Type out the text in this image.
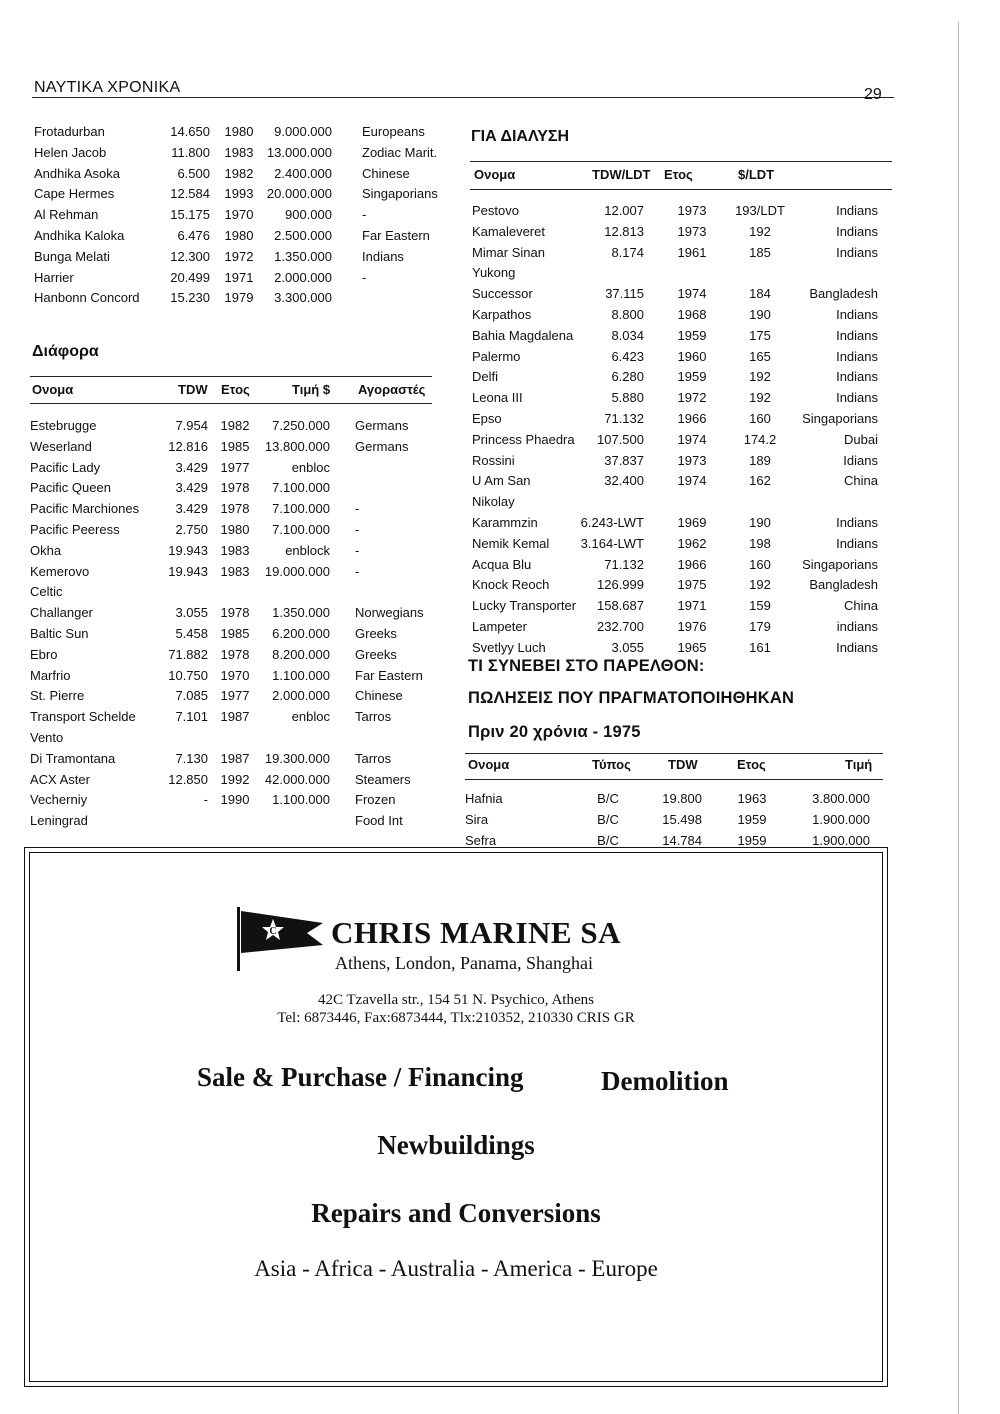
ΝΑΥΤΙΚΑ ΧΡΟΝΙΚΑ	29
Frotadurban	14.650 1980	9.000.000 Europeans
Helen Jacob	11.800 1983	13.000.000 Zodiac Marit.
Andhika Asoka	6.500 1982	2.400.000 Chinese
Cape Hermes	12.584 1993	20.000.000 Singaporians
Al Rehman	15.175 1970	900.000 -
Andhika Kaloka	6.476 1980	2.500.000 Far Eastern
Bunga Melati	12.300 1972	1.350.000 Indians
Harrier	20.499 1971	2.000.000 -
Hanbonn Concord	15.230 1979	3.300.000
Διάφορα
Ονομα	TDW Ετος	Τιμή $ Αγοραστές
Estebrugge	7.954 1982	7.250.000 Germans
Weserland	12.816 1985	13.800.000 Germans
Pacific Lady	3.429 1977	enbloc
Pacific Queen	3.429 1978	7.100.000
Pacific Marchiones	3.429 1978	7.100.000 -
Pacific Peeress	2.750 1980	7.100.000 -
Okha	19.943 1983	enblock -
Kemerovo	19.943 1983	19.000.000 -
Celtic
Challanger	3.055 1978	1.350.000 Norwegians
Baltic Sun	5.458 1985	6.200.000 Greeks
Ebro	71.882 1978	8.200.000 Greeks
Marfrio	10.750 1970	1.100.000 Far Eastern
St. Pierre	7.085 1977	2.000.000 Chinese
Transport Schelde	7.101 1987	enbloc Tarros
Vento
Di Tramontana	7.130 1987	19.300.000 Tarros
ACX Aster	12.850 1992	42.000.000 Steamers
Vecherniy	- 1990	1.100.000 Frozen
Leningrad	Food Int
ΓΙΑ ΔΙΑΛΥΣΗ
Ονομα	TDW/LDT Ετος	$/LDT
Pestovo	12.007	1973	193/LDT	Indians
Kamaleveret	12.813	1973	192	Indians
Mimar Sinan	8.174	1961	185	Indians
Yukong
Successor	37.115	1974	184	Bangladesh
Karpathos	8.800	1968	190	Indians
Bahia Magdalena	8.034	1959	175	Indians
Palermo	6.423	1960	165	Indians
Delfi	6.280	1959	192	Indians
Leona III	5.880	1972	192	Indians
Epso	71.132	1966	160	Singaporians
Princess Phaedra	107.500	1974	174.2	Dubai
Rossini	37.837	1973	189	Idians
U Am San	32.400	1974	162	China
Nikolay
Karammzin	6.243-LWT	1969	190	Indians
Nemik Kemal	3.164-LWT	1962	198	Indians
Acqua Blu	71.132	1966	160	Singaporians
Knock Reoch	126.999	1975	192	Bangladesh
Lucky Transporter	158.687	1971	159	China
Lampeter	232.700	1976	179	indians
Svetlyy Luch	3.055	1965	161	Indians
ΤΙ ΣΥΝΕΒΕΙ ΣΤΟ ΠΑΡΕΛΘΟΝ:
ΠΩΛΗΣΕΙΣ ΠΟΥ ΠΡΑΓΜΑΤΟΠΟΙΗΘΗΚΑΝ
Πριν 20 χρόνια - 1975
Ονομα	Τύπος	TDW	Ετος	Τιμή
Hafnia	B/C	19.800	1963	3.800.000
Sira	B/C	15.498	1959	1.900.000
Sefra	B/C	14.784	1959	1.900.000
C CHRIS MARINE SA
Athens, London, Panama, Shanghai
42C Tzavella str., 154 51 N. Psychico, Athens
Tel: 6873446, Fax:6873444, Tlx:210352, 210330 CRIS GR
Sale & Purchase / Financing	Demolition
Newbuildings
Repairs and Conversions
Asia - Africa - Australia - America - Europe
